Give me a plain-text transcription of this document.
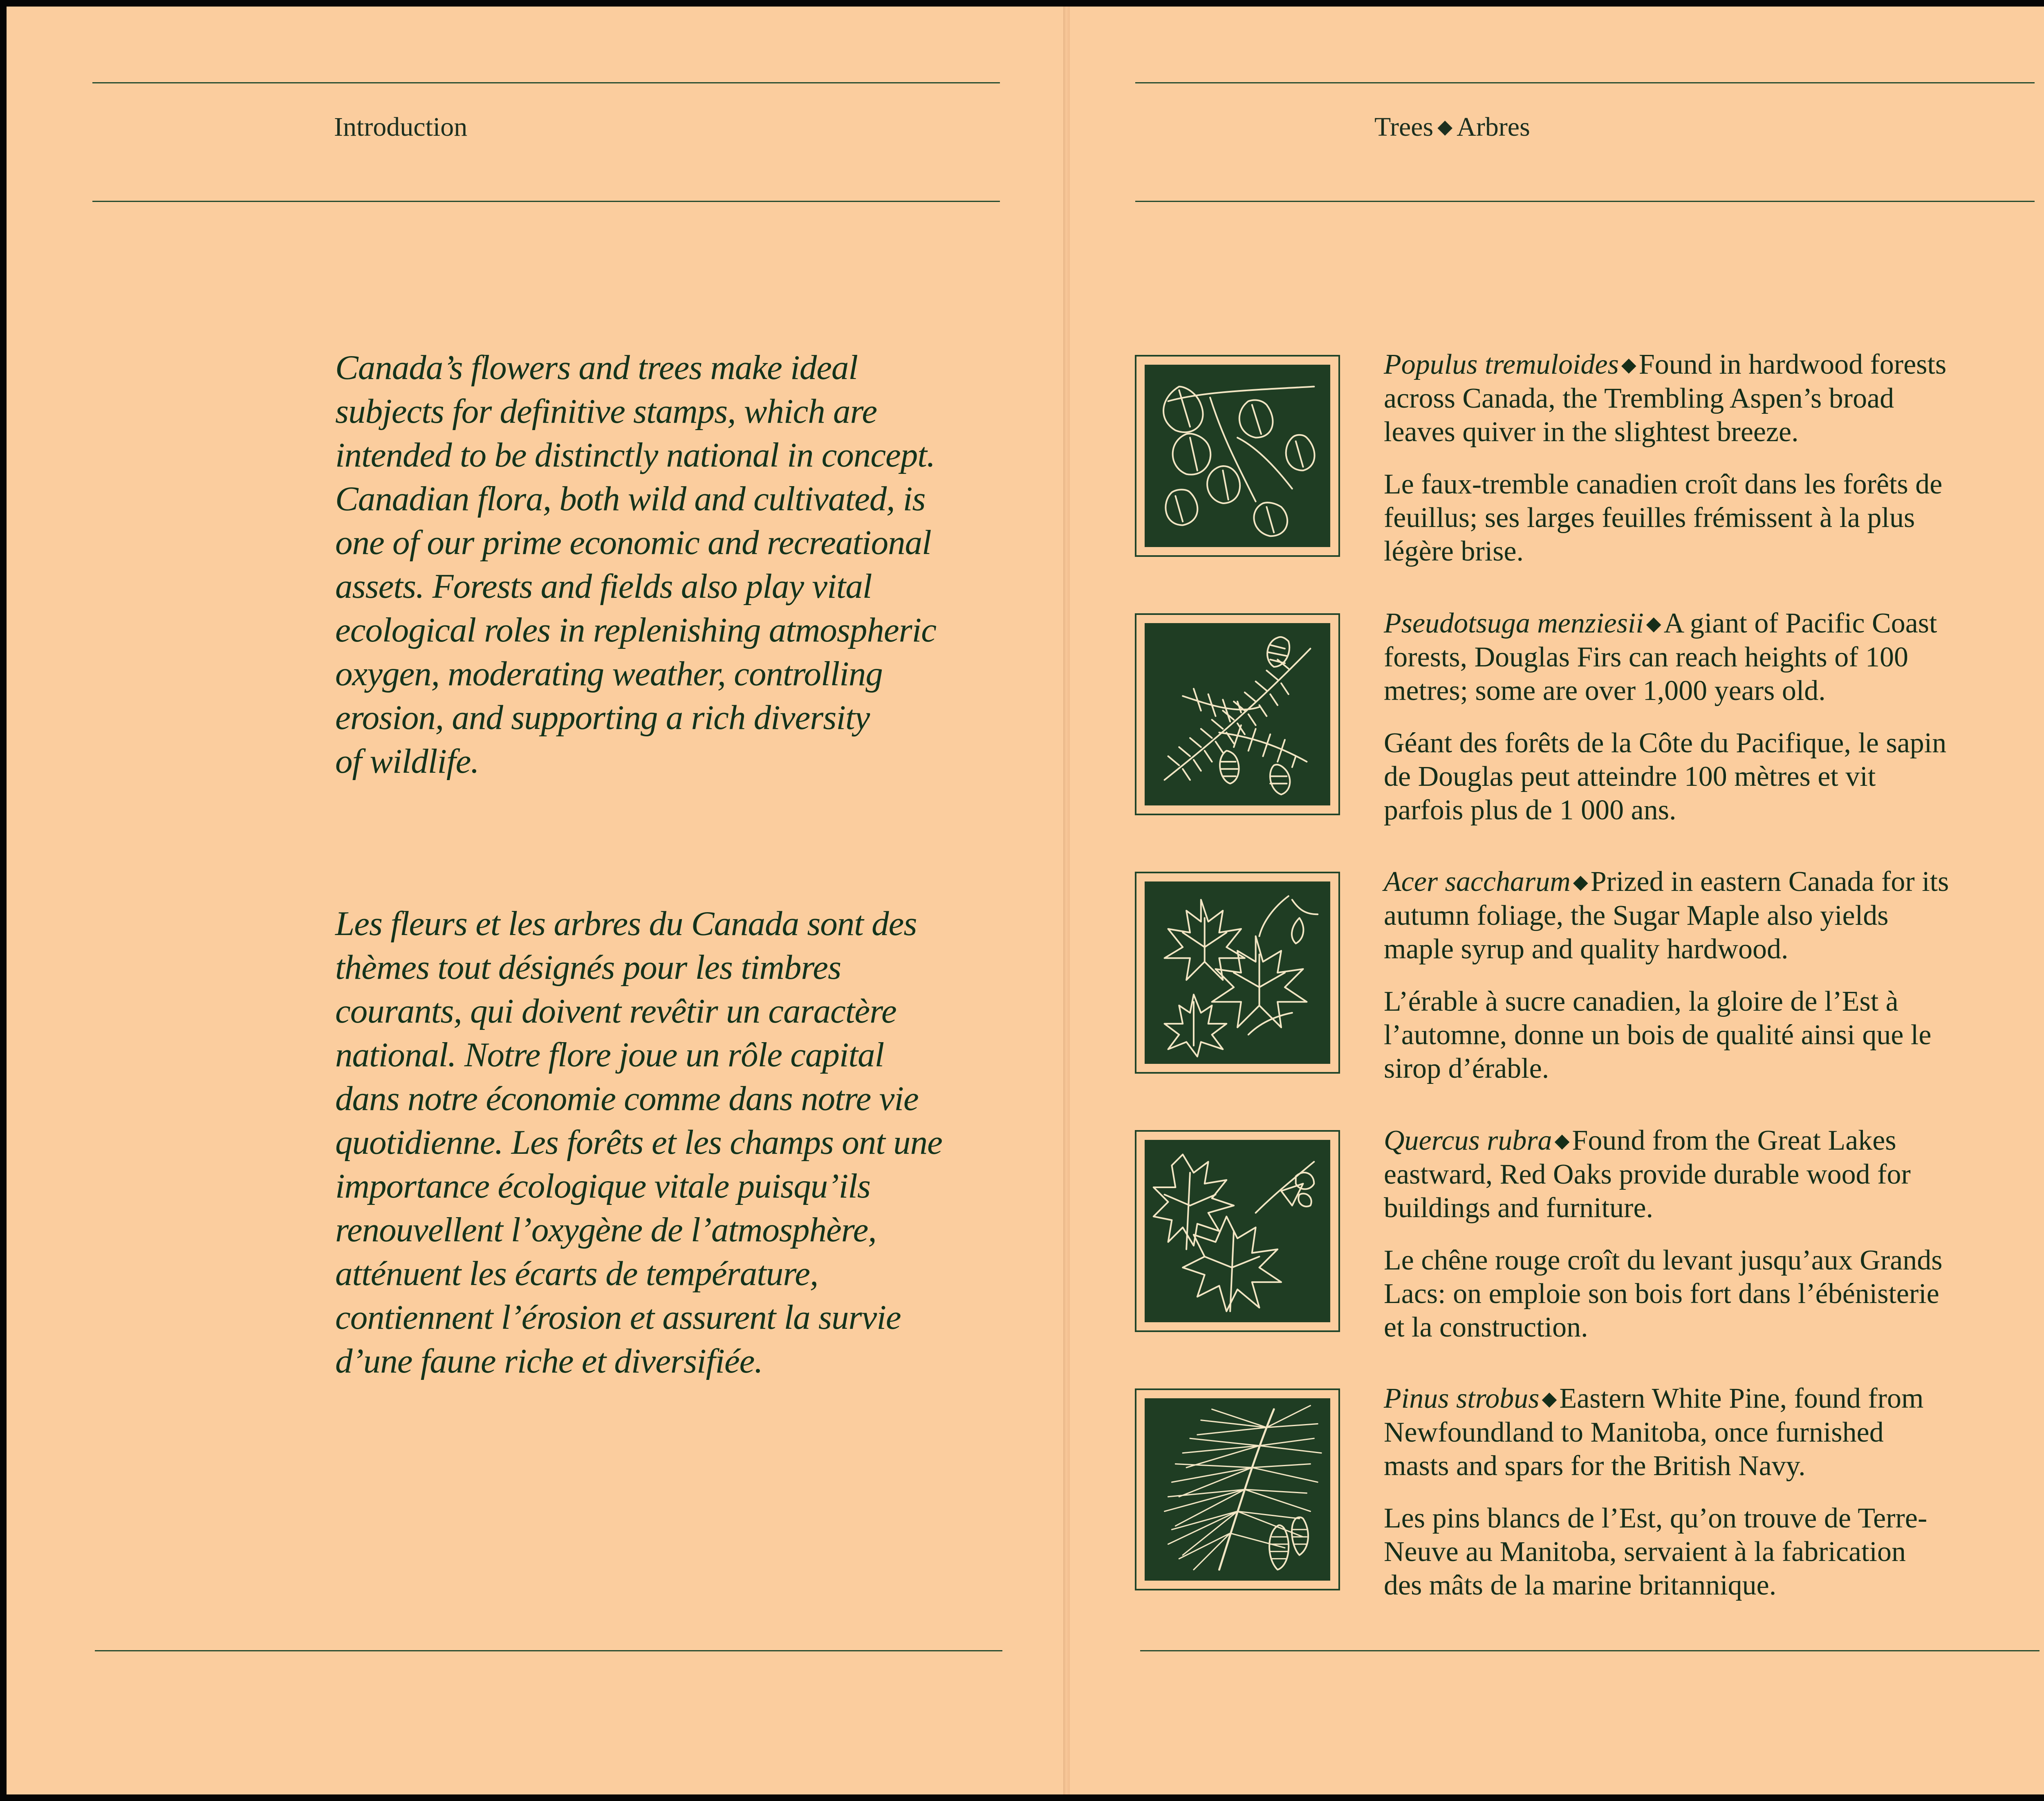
Introduction
Canada’s flowers and trees make ideal
subjects for definitive stamps, which are
intended to be distinctly national in concept.
Canadian flora, both wild and cultivated, is
one of our prime economic and recreational
assets. Forests and fields also play vital
ecological roles in replenishing atmospheric
oxygen, moderating weather, controlling
erosion, and supporting a rich diversity
of wildlife.
Les fleurs et les arbres du Canada sont des
thèmes tout désignés pour les timbres
courants, qui doivent revêtir un caractère
national. Notre flore joue un rôle capital
dans notre économie comme dans notre vie
quotidienne. Les forêts et les champs ont une
importance écologique vitale puisqu’ils
renouvellent l’oxygène de l’atmosphère,
atténuent les écarts de température,
contiennent l’érosion et assurent la survie
d’une faune riche et diversifiée.
Trees ◆ Arbres
Populus tremuloides ◆Found in hardwood forests
across Canada, the Trembling Aspen’s broad
leaves quiver in the slightest breeze.
Le faux-tremble canadien croît dans les forêts de
feuillus; ses larges feuilles frémissent à la plus
légère brise.
Pseudotsuga menziesii ◆A giant of Pacific Coast
forests, Douglas Firs can reach heights of 100
metres; some are over 1,000 years old.
Géant des forêts de la Côte du Pacifique, le sapin
de Douglas peut atteindre 100 mètres et vit
parfois plus de 1 000 ans.
Acer saccharum ◆Prized in eastern Canada for its
autumn foliage, the Sugar Maple also yields
maple syrup and quality hardwood.
L’érable à sucre canadien, la gloire de l’Est à
l’automne, donne un bois de qualité ainsi que le
sirop d’érable.
Quercus rubra ◆Found from the Great Lakes
eastward, Red Oaks provide durable wood for
buildings and furniture.
Le chêne rouge croît du levant jusqu’aux Grands
Lacs: on emploie son bois fort dans l’ébénisterie
et la construction.
Pinus strobus ◆Eastern White Pine, found from
Newfoundland to Manitoba, once furnished
masts and spars for the British Navy.
Les pins blancs de l’Est, qu’on trouve de Terre-
Neuve au Manitoba, servaient à la fabrication
des mâts de la marine britannique.
